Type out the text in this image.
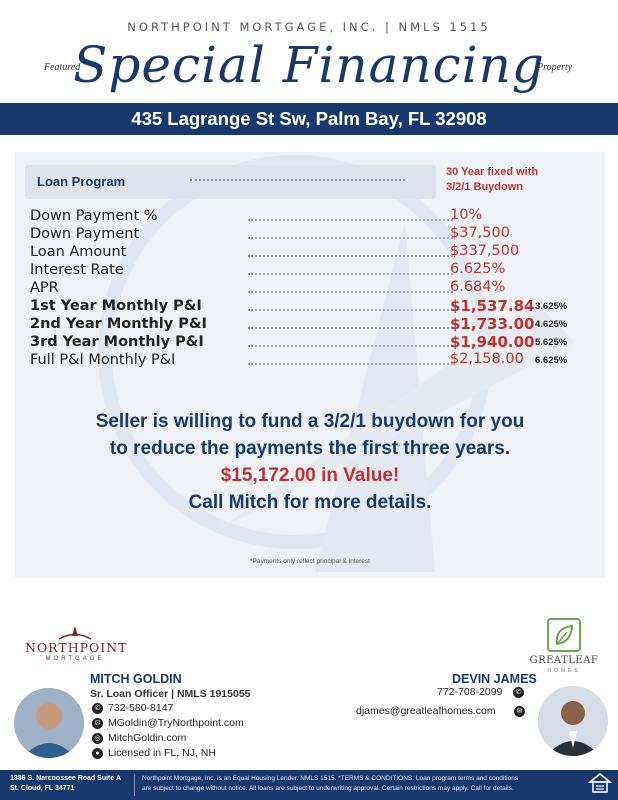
NORTHPOINT MORTGAGE, INC. | NMLS 1515
Featured
Special Financing
Property
435 Lagrange St Sw, Palm Bay, FL 32908
Loan Program
30 Year fixed with
3/2/1 Buydown
Down Payment %	10%
Down Payment	$37,500
Loan Amount	$337,500
Interest Rate	6.625%
APR	6.684%
1st Year Monthly P&I	$1,537.84 3.625%
2nd Year Monthly P&I	$1,733.00 4.625%
3rd Year Monthly P&I	$1,940.00 5.625%
Full P&I Monthly P&I	$2,158.00 6.625%
Seller is willing to fund a 3/2/1 buydown for you
to reduce the payments the first three years.
$15,172.00 in Value!
Call Mitch for more details.
*Payments only reflect principal & interest
NORTHPOINT
MORTGAGE	GREATLEAF
HOMES
MITCH GOLDIN
Sr. Loan Officer | NMLS 1915055
✆ 732-580-8147
✉ MGoldin@TryNorthpoint.com
◎ MitchGoldin.com
● Licensed in FL, NJ, NH
DEVIN JAMES
772-708-2099	✆
djames@greatleafhomes.com	✉
1386 S. Narcoossee Road Suite A
St. Cloud, FL 34771
Northpoint Mortgage, Inc. is an Equal Housing Lender. NMLS 1515. *TERMS & CONDITIONS: Loan program terms and conditions
are subject to change without notice. All loans are subject to underwriting approval. Certain restrictions may apply. Call for details.
